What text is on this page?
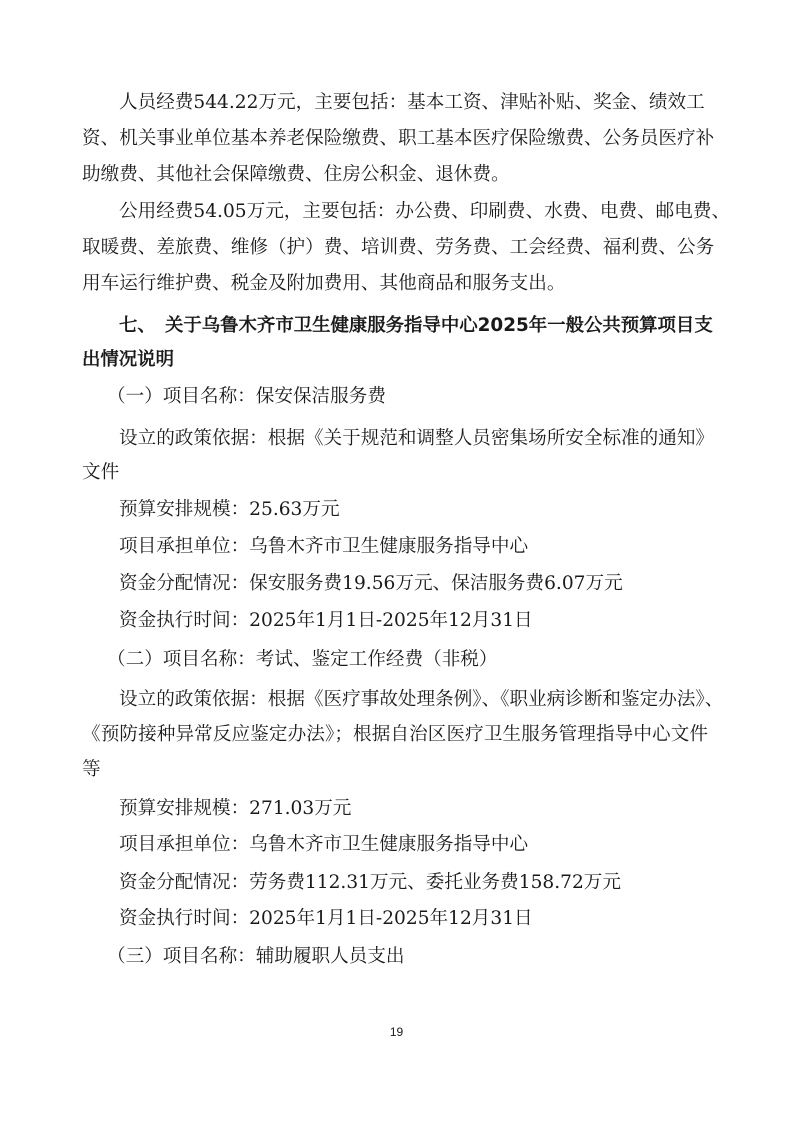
人员经费544.22万元，主要包括：基本工资、津贴补贴、奖金、绩效工
资、机关事业单位基本养老保险缴费、职工基本医疗保险缴费、公务员医疗补
助缴费、其他社会保障缴费、住房公积金、退休费。
公用经费54.05万元，主要包括：办公费、印刷费、水费、电费、邮电费、
取暖费、差旅费、维修（护）费、培训费、劳务费、工会经费、福利费、公务
用车运行维护费、税金及附加费用、其他商品和服务支出。
七、　关于乌鲁木齐市卫生健康服务指导中心2025年一般公共预算项目支
出情况说明
（一）项目名称：保安保洁服务费
设立的政策依据：根据《关于规范和调整人员密集场所安全标准的通知》
文件
预算安排规模：25.63万元
项目承担单位：乌鲁木齐市卫生健康服务指导中心
资金分配情况：保安服务费19.56万元、保洁服务费6.07万元
资金执行时间：2025年1月1日-2025年12月31日
（二）项目名称：考试、鉴定工作经费（非税）
设立的政策依据：根据《医疗事故处理条例》、《职业病诊断和鉴定办法》、
《预防接种异常反应鉴定办法》；根据自治区医疗卫生服务管理指导中心文件
等
预算安排规模：271.03万元
项目承担单位：乌鲁木齐市卫生健康服务指导中心
资金分配情况：劳务费112.31万元、委托业务费158.72万元
资金执行时间：2025年1月1日-2025年12月31日
（三）项目名称：辅助履职人员支出
19
